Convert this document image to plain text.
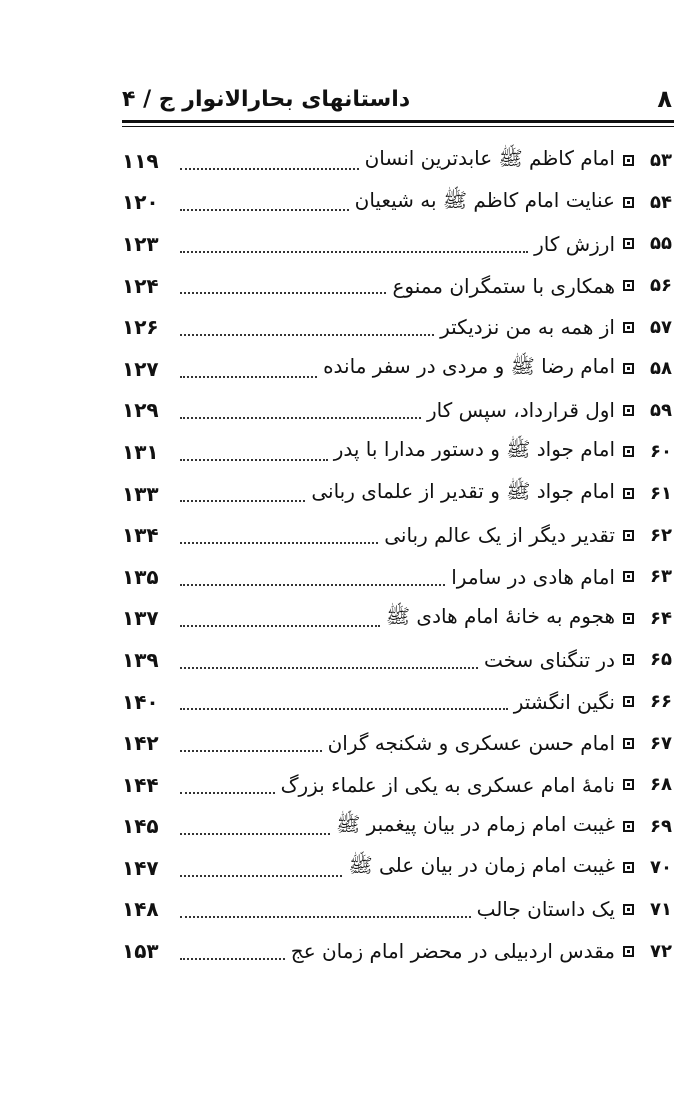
۸
داستانهای بحارالانوار ج / ۴
۵۳
امام کاظم ﷺ عابدترین انسان
۱۱۹
۵۴
عنایت امام کاظم ﷺ به شیعیان
۱۲۰
۵۵
ارزش کار
۱۲۳
۵۶
همکاری با ستمگران ممنوع
۱۲۴
۵۷
از همه به من نزدیکتر
۱۲۶
۵۸
امام رضا ﷺ و مردی در سفر مانده
۱۲۷
۵۹
اول قرارداد، سپس کار
۱۲۹
۶۰
امام جواد ﷺ و دستور مدارا با پدر
۱۳۱
۶۱
امام جواد ﷺ و تقدیر از علمای ربانی
۱۳۳
۶۲
تقدیر دیگر از یک عالم ربانی
۱۳۴
۶۳
امام هادی در سامرا
۱۳۵
۶۴
هجوم به خانهٔ امام هادی ﷺ
۱۳۷
۶۵
در تنگنای سخت
۱۳۹
۶۶
نگین انگشتر
۱۴۰
۶۷
امام حسن عسکری و شکنجه گران
۱۴۲
۶۸
نامهٔ امام عسکری به یکی از علماء بزرگ
۱۴۴
۶۹
غیبت امام زمام در بیان پیغمبر ﷺ
۱۴۵
۷۰
غیبت امام زمان در بیان علی ﷺ
۱۴۷
۷۱
یک داستان جالب
۱۴۸
۷۲
مقدس اردبیلی در محضر امام زمان عج
۱۵۳
